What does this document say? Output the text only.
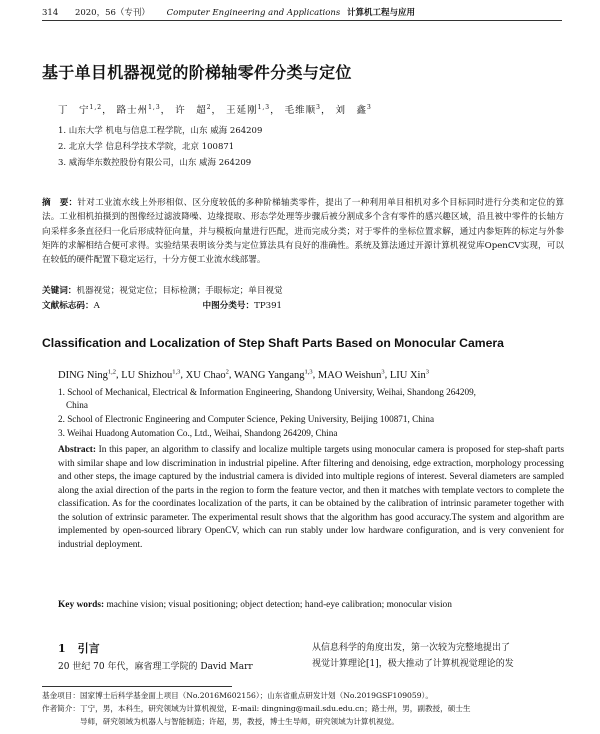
314 2020，56（专刊） Computer Engineering and Applications 计算机工程与应用
基于单目机器视觉的阶梯轴零件分类与定位
丁　宁$^{1,2}$， 路士州$^{1,3}$， 许　超$^2$， 王延刚$^{1,3}$， 毛维顺$^3$， 刘　鑫$^3$
1. 山东大学 机电与信息工程学院，山东 威海 264209
2. 北京大学 信息科学技术学院，北京 100871
3. 威海华东数控股份有限公司，山东 威海 264209
摘　要：针对工业流水线上外形相似、区分度较低的多种阶梯轴类零件，提出了一种利用单目相机对多个目标同时进行分类和定位的算法。工业相机拍摄到的图像经过滤波降噪、边缘提取、形态学处理等步骤后被分割成多个含有零件的感兴趣区域，沿且被中零件的长轴方向采样多条直径归一化后形成特征向量，并与模板向量进行匹配，进而完成分类；对于零件的坐标位置求解，通过内参矩阵的标定与外参矩阵的求解相结合便可求得。实验结果表明该分类与定位算法具有良好的准确性。系统及算法通过开源计算机视觉库OpenCV实现，可以在较低的硬件配置下稳定运行，十分方便工业流水线部署。
关键词：机器视觉；视觉定位；目标检测；手眼标定；单目视觉
文献标志码：A	中图分类号：TP391
Classification and Localization of Step Shaft Parts Based on Monocular Camera
DING Ning$^{1,2}$, LU Shizhou$^{1,3}$, XU Chao$^2$, WANG Yangang$^{1,3}$, MAO Weishun$^3$, LIU Xin$^3$
1. School of Mechanical, Electrical & Information Engineering, Shandong University, Weihai, Shandong 264209,
China
2. School of Electronic Engineering and Computer Science, Peking University, Beijing 100871, China
3. Weihai Huadong Automation Co., Ltd., Weihai, Shandong 264209, China
Abstract: In this paper, an algorithm to classify and localize multiple targets using monocular camera is proposed for step-shaft parts with similar shape and low discrimination in industrial pipeline. After filtering and denoising, edge extraction, morphology processing and other steps, the image captured by the industrial camera is divided into multiple regions of interest. Several diameters are sampled along the axial direction of the parts in the region to form the feature vector, and then it matches with template vectors to complete the classification. As for the coordinates localization of the parts, it can be obtained by the calibration of intrinsic parameter together with the solution of extrinsic parameter. The experimental result shows that the algorithm has good accuracy.The system and algorithm are implemented by open-sourced library OpenCV, which can run stably under low hardware configuration, and is very convenient for industrial deployment.
Key words: machine vision; visual positioning; object detection; hand-eye calibration; monocular vision
1 引言
20 世纪 70 年代，麻省理工学院的 David Marr
从信息科学的角度出发，第一次较为完整地提出了
视觉计算理论[1]，极大推动了计算机视觉理论的发
基金项目：国家博士后科学基金面上项目（No.2016M602156）；山东省重点研发计划（No.2019GSF109059）。
作者简介：丁宁，男，本科生，研究领域为计算机视觉，E-mail: dingning@mail.sdu.edu.cn；路士州，男，副教授，硕士生
　　　　　导师，研究领域为机器人与智能制造；许超，男，教授，博士生导师，研究领域为计算机视觉。
